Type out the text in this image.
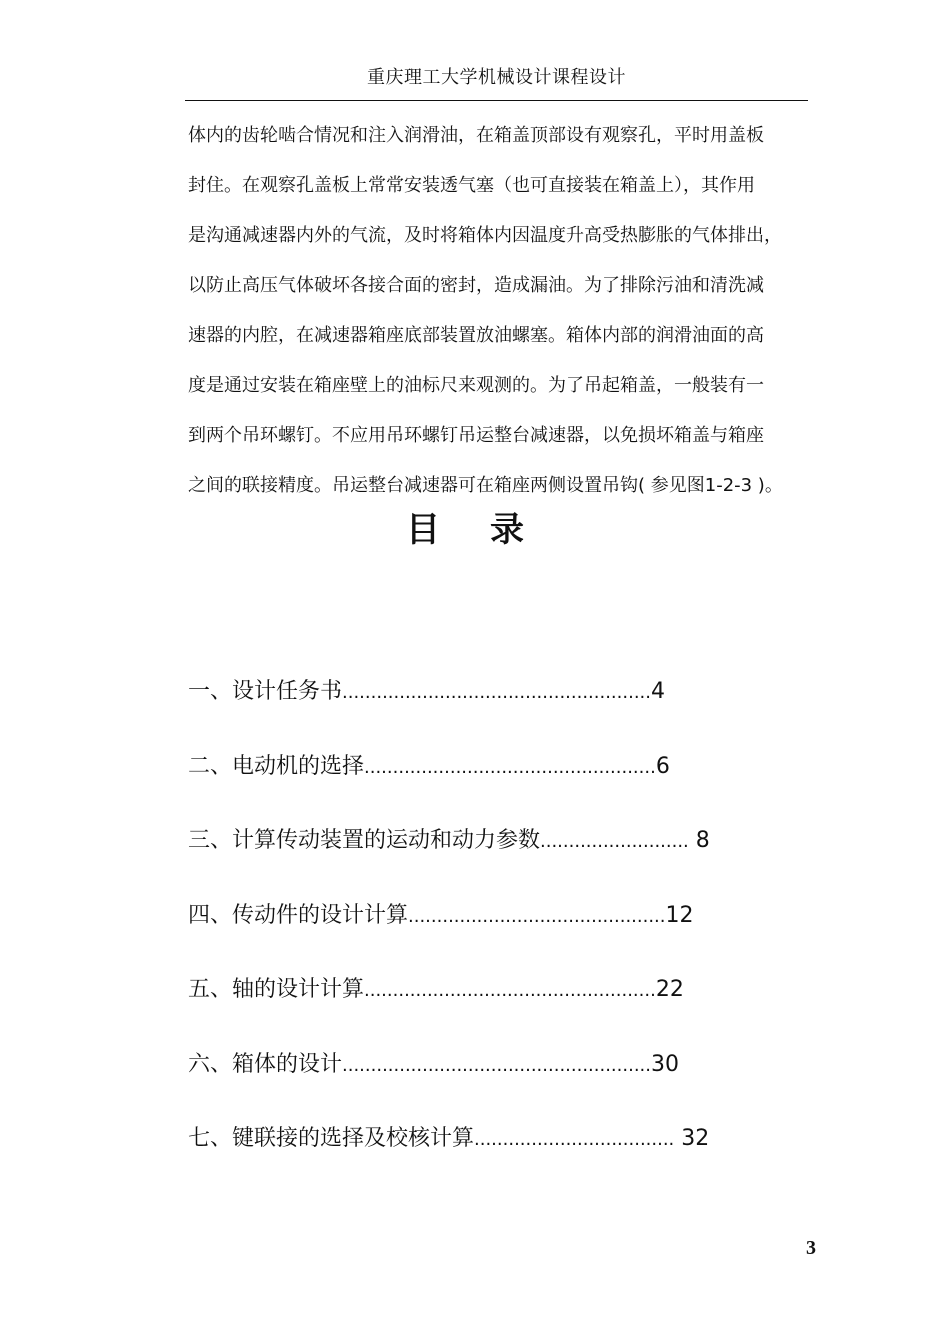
重庆理工大学机械设计课程设计
体内的齿轮啮合情况和注入润滑油，在箱盖顶部设有观察孔，平时用盖板
封住。在观察孔盖板上常常安装透气塞（也可直接装在箱盖上），其作用
是沟通减速器内外的气流，及时将箱体内因温度升高受热膨胀的气体排出，
以防止高压气体破坏各接合面的密封，造成漏油。为了排除污油和清洗减
速器的内腔，在减速器箱座底部装置放油螺塞。箱体内部的润滑油面的高
度是通过安装在箱座壁上的油标尺来观测的。为了吊起箱盖，一般装有一
到两个吊环螺钉。不应用吊环螺钉吊运整台减速器，以免损坏箱盖与箱座
之间的联接精度。吊运整台减速器可在箱座两侧设置吊钩( 参见图1-2-3 )。
目录
一、设计任务书......................................................4
二、电动机的选择...................................................6
三、计算传动装置的运动和动力参数.......................... 8
四、传动件的设计计算.............................................12
五、轴的设计计算...................................................22
六、箱体的设计......................................................30
七、键联接的选择及校核计算................................... 32
3
